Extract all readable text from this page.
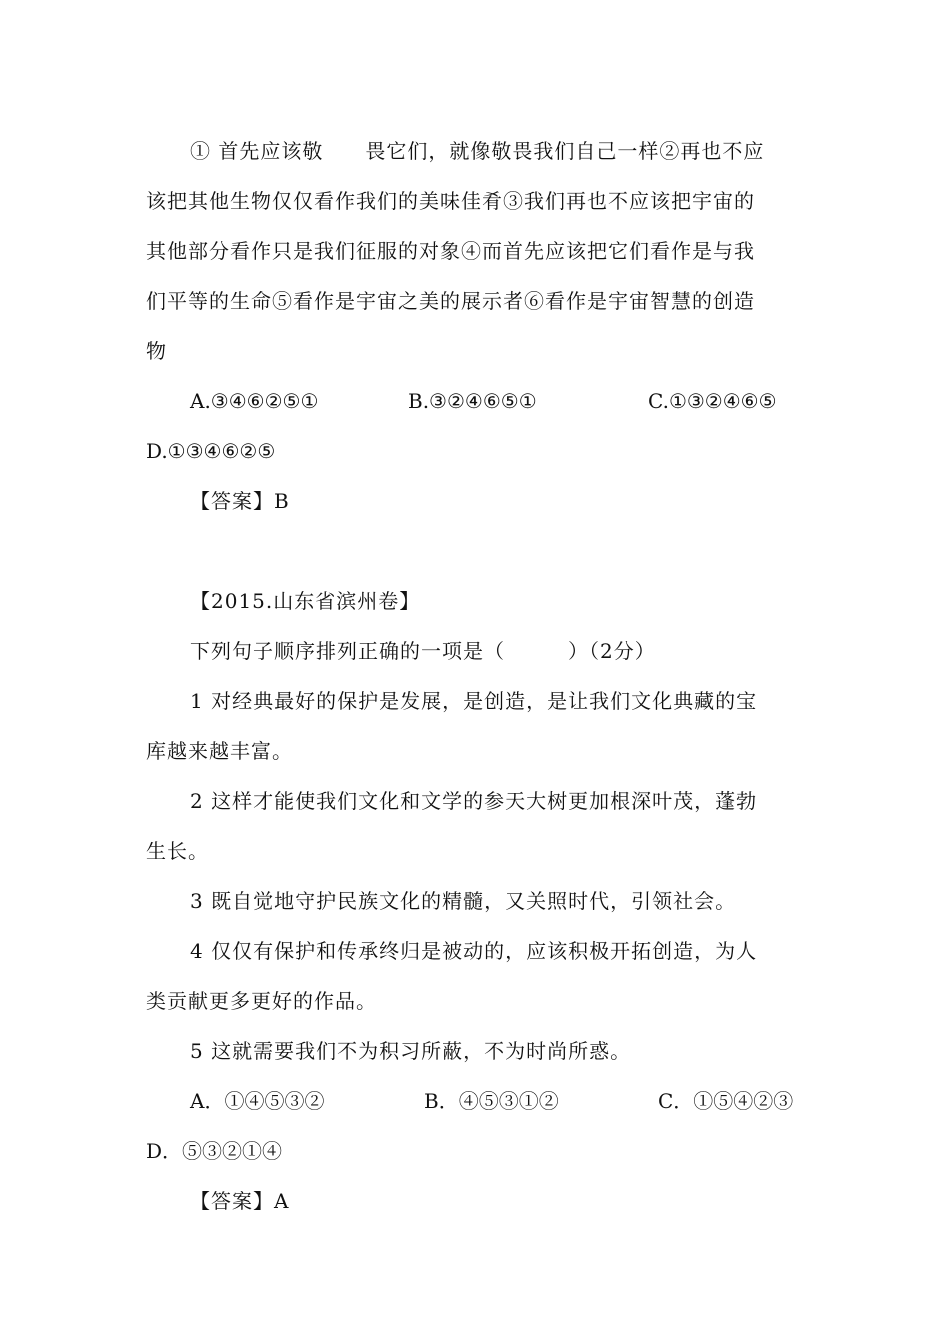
① 首先应该敬　　畏它们，就像敬畏我们自己一样②再也不应
该把其他生物仅仅看作我们的美味佳肴③我们再也不应该把宇宙的
其他部分看作只是我们征服的对象④而首先应该把它们看作是与我
们平等的生命⑤看作是宇宙之美的展示者⑥看作是宇宙智慧的创造
物
A.③④⑥②⑤①	B.③②④⑥⑤①	C.①③②④⑥⑤
D.①③④⑥②⑤
【答案】B
【2015.山东省滨州卷】
下列句子顺序排列正确的一项是（　　　）（2分）
1 对经典最好的保护是发展，是创造，是让我们文化典藏的宝
库越来越丰富。
2 这样才能使我们文化和文学的参天大树更加根深叶茂，蓬勃
生长。
3 既自觉地守护民族文化的精髓，又关照时代，引领社会。
4 仅仅有保护和传承终归是被动的，应该积极开拓创造，为人
类贡献更多更好的作品。
5 这就需要我们不为积习所蔽，不为时尚所惑。
A．①④⑤③②	B．④⑤③①②	C．①⑤④②③
D．⑤③②①④
【答案】A
